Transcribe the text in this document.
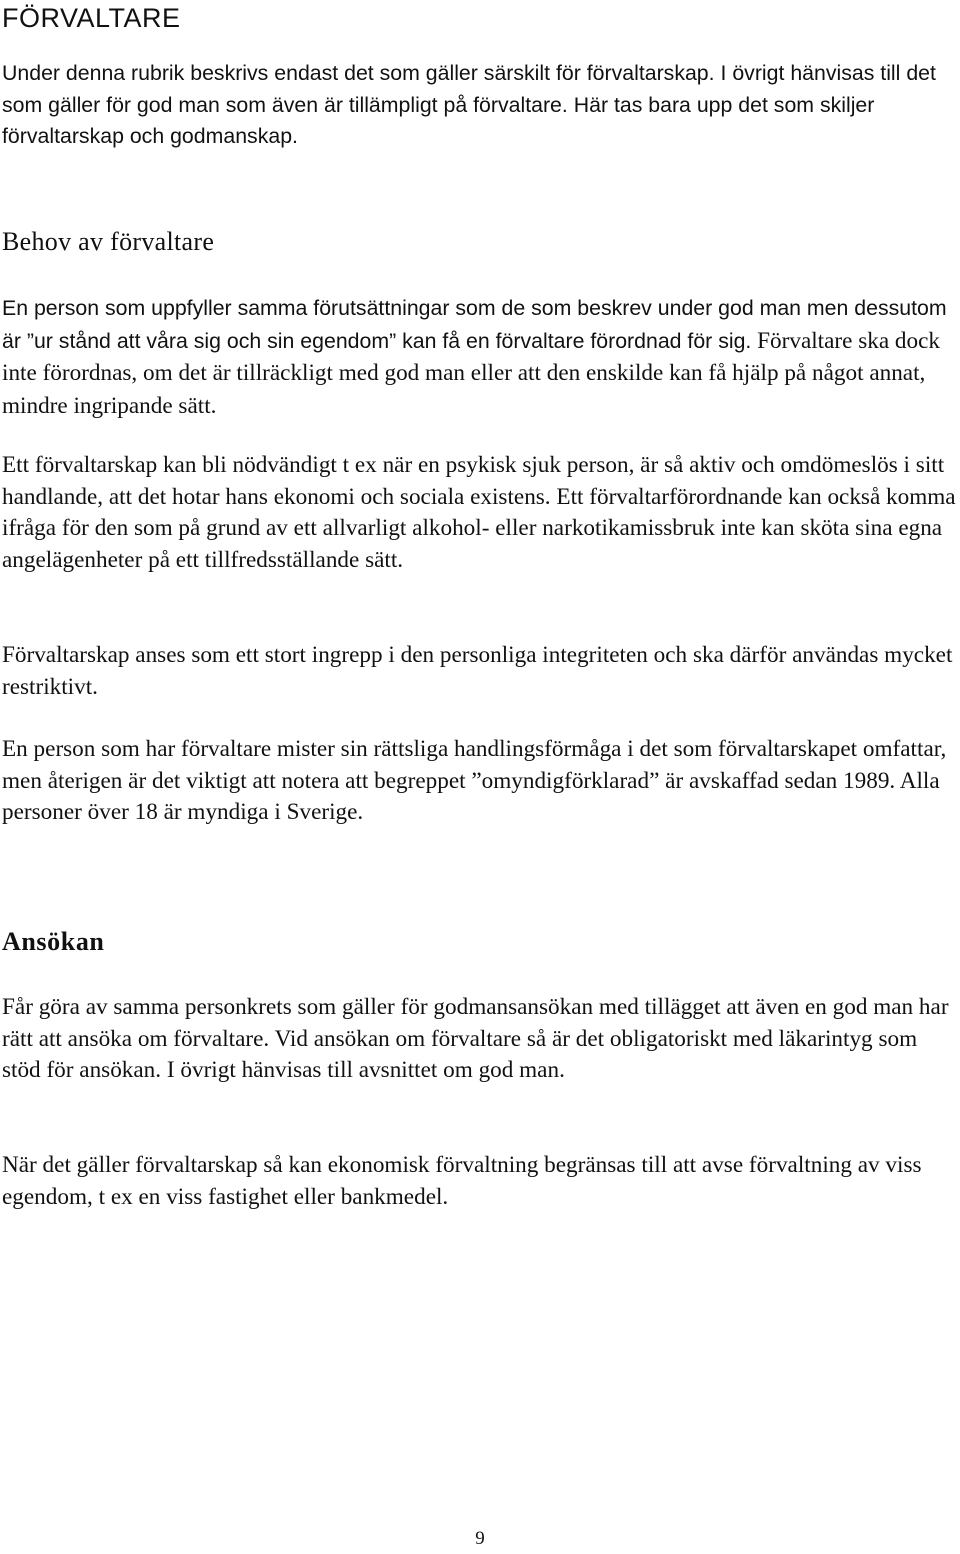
FÖRVALTARE

Under denna rubrik beskrivs endast det som gäller särskilt för förvaltarskap. I övrigt hänvisas till det som gäller för god man som även är tillämpligt på förvaltare. Här tas bara upp det som skiljer förvaltarskap och godmanskap.

Behov av förvaltare

En person som uppfyller samma förutsättningar som de som beskrev under god man men dessutom är ”ur stånd att våra sig och sin egendom” kan få en förvaltare förordnad för sig. Förvaltare ska dock inte förordnas, om det är tillräckligt med god man eller att den enskilde kan få hjälp på något annat, mindre ingripande sätt.

Ett förvaltarskap kan bli nödvändigt t ex när en psykisk sjuk person, är så aktiv och omdömeslös i sitt handlande, att det hotar hans ekonomi och sociala existens. Ett förvaltarförordnande kan också komma ifråga för den som på grund av ett allvarligt alkohol- eller narkotikamissbruk inte kan sköta sina egna angelägenheter på ett tillfredsställande sätt.

Förvaltarskap anses som ett stort ingrepp i den personliga integriteten och ska därför användas mycket restriktivt.

En person som har förvaltare mister sin rättsliga handlingsförmåga i det som förvaltarskapet omfattar, men återigen är det viktigt att notera att begreppet ”omyndigförklarad” är avskaffad sedan 1989. Alla personer över 18 är myndiga i Sverige.

Ansökan

Får göra av samma personkrets som gäller för godmansansökan med tillägget att även en god man har rätt att ansöka om förvaltare. Vid ansökan om förvaltare så är det obligatoriskt med läkarintyg som stöd för ansökan. I övrigt hänvisas till avsnittet om god man.

När det gäller förvaltarskap så kan ekonomisk förvaltning begränsas till att avse förvaltning av viss egendom, t ex en viss fastighet eller bankmedel.

9
